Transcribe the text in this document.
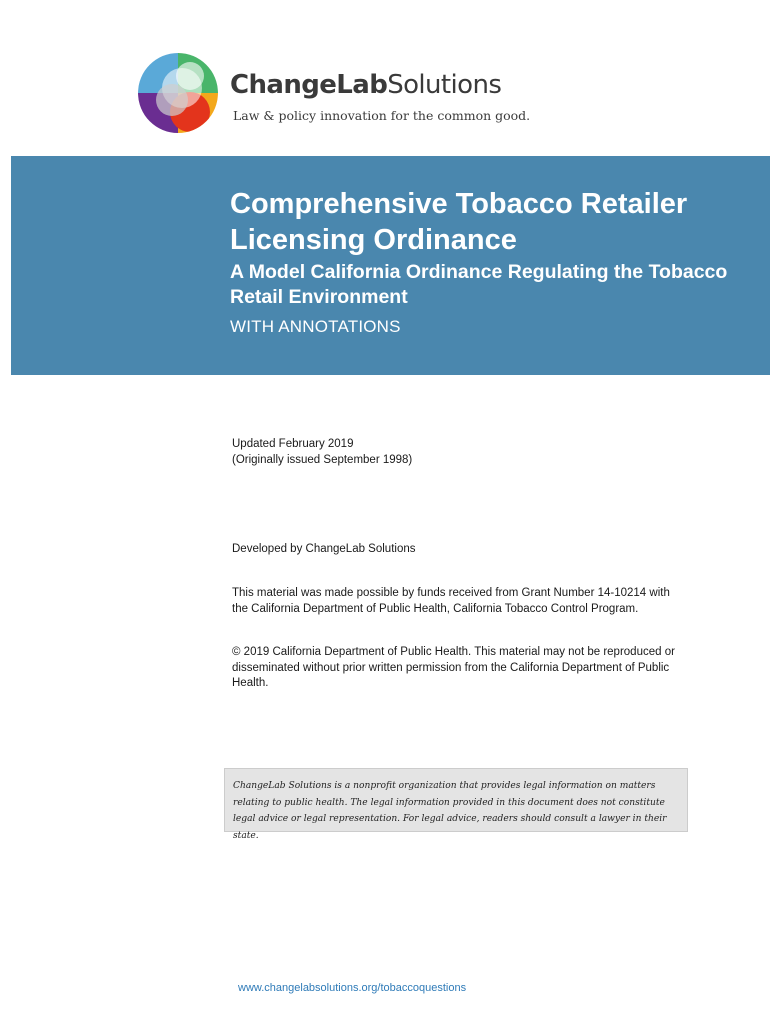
ChangeLabSolutions
Law & policy innovation for the common good.
Comprehensive Tobacco Retailer Licensing Ordinance
A Model California Ordinance Regulating the Tobacco Retail Environment
WITH ANNOTATIONS
Updated February 2019
(Originally issued September 1998)
Developed by ChangeLab Solutions
This material was made possible by funds received from Grant Number 14-10214 with the California Department of Public Health, California Tobacco Control Program.
© 2019 California Department of Public Health. This material may not be reproduced or disseminated without prior written permission from the California Department of Public Health.
ChangeLab Solutions is a nonprofit organization that provides legal information on matters relating to public health. The legal information provided in this document does not constitute legal advice or legal representation. For legal advice, readers should consult a lawyer in their state.
www.changelabsolutions.org/tobaccoquestions
